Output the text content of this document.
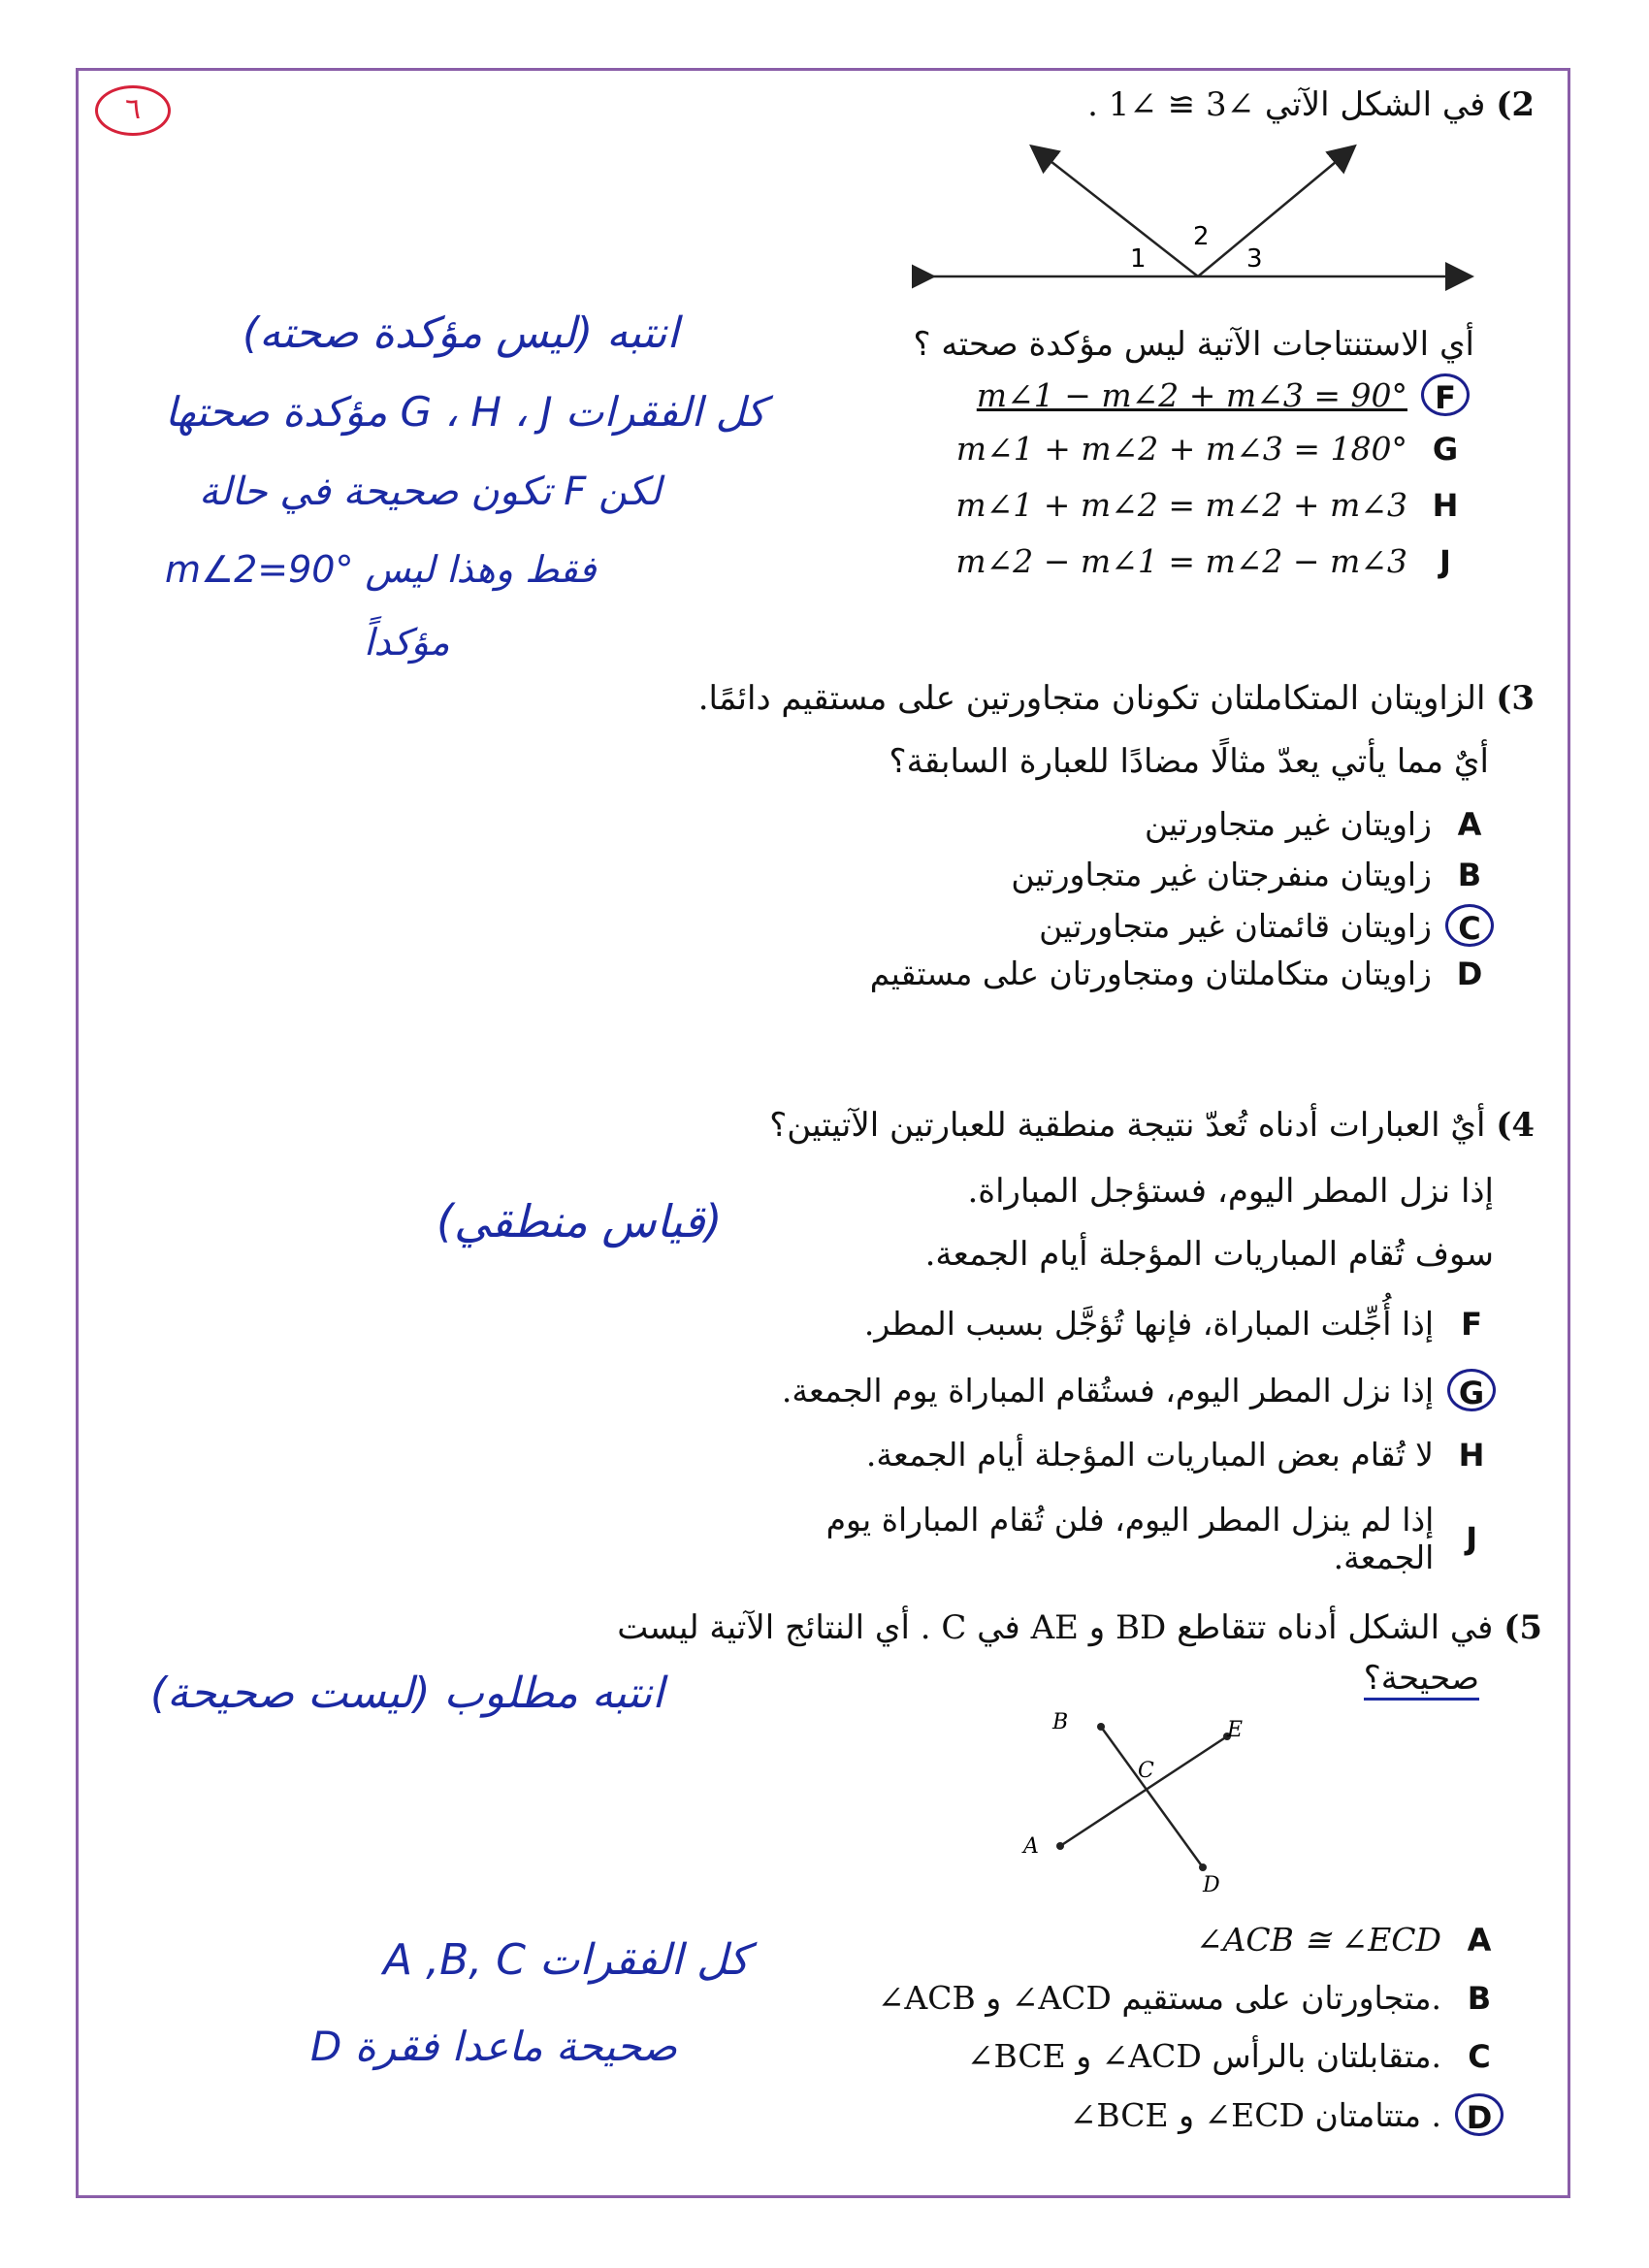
٦	2) في الشكل الآتي ∠3 ≅ ∠1 .
1
2
3
أي الاستنتاجات الآتية ليس مؤكدة صحته ؟
F
m∠1 − m∠2 + m∠3 = 90°
G
m∠1 + m∠2 + m∠3 = 180°
H
m∠1 + m∠2 = m∠2 + m∠3
J
m∠2 − m∠1 = m∠2 − m∠3
انتبه (ليس مؤكدة صحته)
كل الفقرات G ، H ، J مؤكدة صحتها
لكن F تكون صحيحة في حالة
m∠2=90° فقط وهذا ليس
مؤكداً
3) الزاويتان المتكاملتان تكونان متجاورتين على مستقيم دائمًا.
أيٌ مما يأتي يعدّ مثالًا مضادًا للعبارة السابقة؟
A
زاويتان غير متجاورتين
B
زاويتان منفرجتان غير متجاورتين
C
زاويتان قائمتان غير متجاورتين
D
زاويتان متكاملتان ومتجاورتان على مستقيم
4) أيٌ العبارات أدناه تُعدّ نتيجة منطقية للعبارتين الآتيتين؟
إذا نزل المطر اليوم، فستؤجل المباراة.
سوف تُقام المباريات المؤجلة أيام الجمعة.
F
إذا أُجِّلت المباراة، فإنها تُؤجَّل بسبب المطر.
G
إذا نزل المطر اليوم، فستُقام المباراة يوم الجمعة.
H
لا تُقام بعض المباريات المؤجلة أيام الجمعة.
J
إذا لم ينزل المطر اليوم، فلن تُقام المباراة يوم الجمعة.
(قياس منطقي)
5) في الشكل أدناه تتقاطع BD و AE في C . أي النتائج الآتية ليست
صحيحة؟
B	E
C
A
D
A
∠ACB ≅ ∠ECD
B
∠ACB و ∠ACD متجاورتان على مستقيم.
C
∠BCE و ∠ACD متقابلتان بالرأس.
D
∠BCE و ∠ECD متتامتان .
انتبه مطلوب (ليست صحيحة)
كل الفقرات A ,B, C
صحيحة ماعدا فقرة D
